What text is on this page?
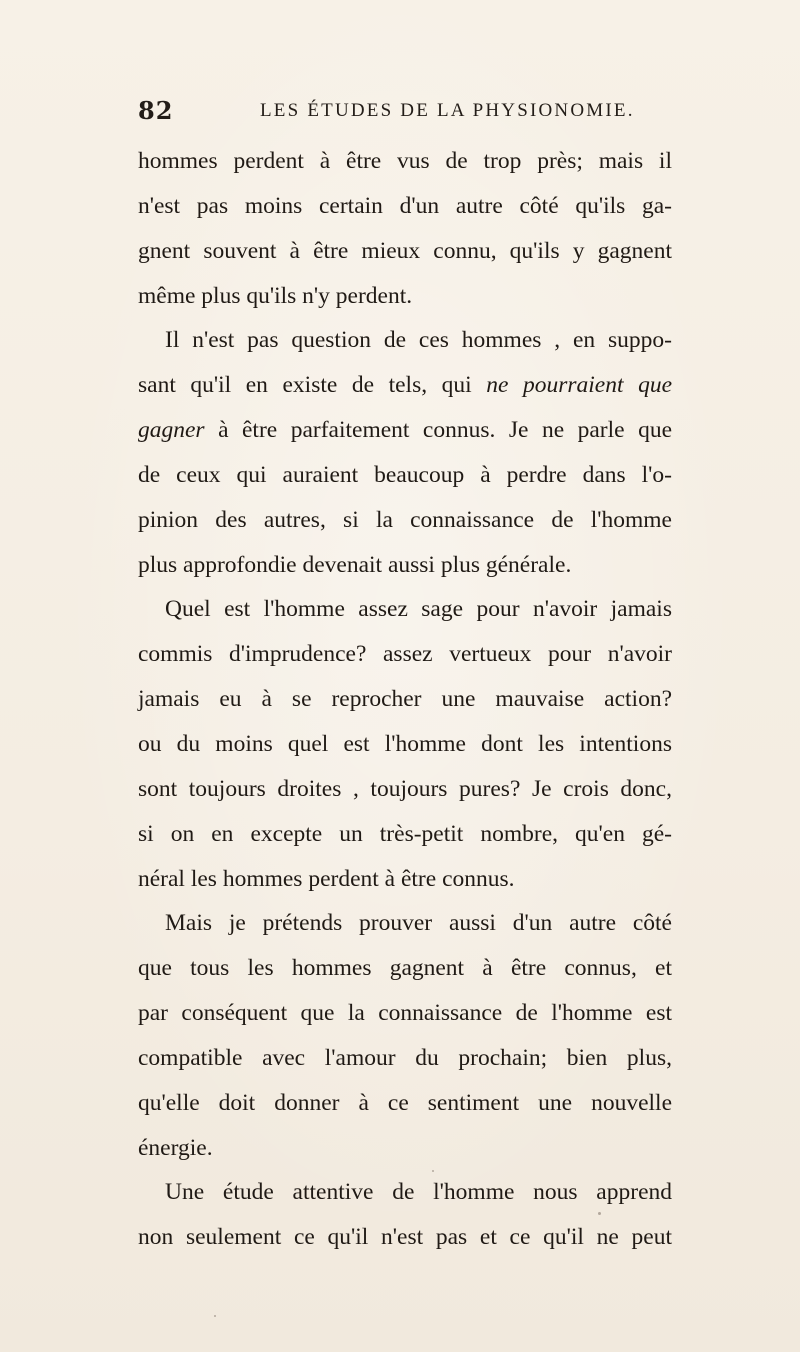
82	LES ÉTUDES DE LA PHYSIONOMIE.
hommes perdent à être vus de trop près; mais il
n'est pas moins certain d'un autre côté qu'ils ga-
gnent souvent à être mieux connu, qu'ils y gagnent
même plus qu'ils n'y perdent.
Il n'est pas question de ces hommes , en suppo-
sant qu'il en existe de tels, qui ne pourraient que
gagner à être parfaitement connus. Je ne parle que
de ceux qui auraient beaucoup à perdre dans l'o-
pinion des autres, si la connaissance de l'homme
plus approfondie devenait aussi plus générale.
Quel est l'homme assez sage pour n'avoir jamais
commis d'imprudence? assez vertueux pour n'avoir
jamais eu à se reprocher une mauvaise action?
ou du moins quel est l'homme dont les intentions
sont toujours droites , toujours pures? Je crois donc,
si on en excepte un très-petit nombre, qu'en gé-
néral les hommes perdent à être connus.
Mais je prétends prouver aussi d'un autre côté
que tous les hommes gagnent à être connus, et
par conséquent que la connaissance de l'homme est
compatible avec l'amour du prochain; bien plus,
qu'elle doit donner à ce sentiment une nouvelle
énergie.
Une étude attentive de l'homme nous apprend
non seulement ce qu'il n'est pas et ce qu'il ne peut
